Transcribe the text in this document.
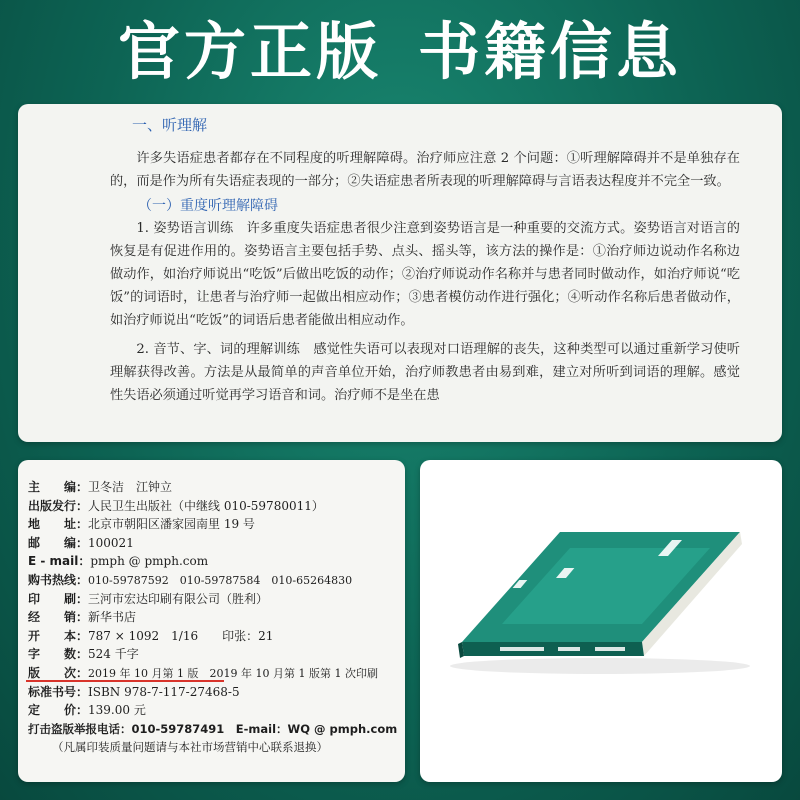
官方正版 书籍信息
一、听理解

许多失语症患者都存在不同程度的听理解障碍。治疗师应注意 2 个问题：①听理解障碍并不是单独存在的，而是作为所有失语症表现的一部分；②失语症患者所表现的听理解障碍与言语表达程度并不完全一致。

（一）重度听理解障碍

1. 姿势语言训练　许多重度失语症患者很少注意到姿势语言是一种重要的交流方式。姿势语言对语言的恢复是有促进作用的。姿势语言主要包括手势、点头、摇头等，该方法的操作是：①治疗师边说动作名称边做动作，如治疗师说出“吃饭”后做出吃饭的动作；②治疗师说动作名称并与患者同时做动作，如治疗师说“吃饭”的词语时，让患者与治疗师一起做出相应动作；③患者模仿动作进行强化；④听动作名称后患者做动作，如治疗师说出“吃饭”的词语后患者能做出相应动作。

2. 音节、字、词的理解训练　感觉性失语可以表现对口语理解的丧失，这种类型可以通过重新学习使听理解获得改善。方法是从最简单的声音单位开始，治疗师教患者由易到难，建立对所听到词语的理解。感觉性失语必须通过听觉再学习语音和词。治疗师不是坐在患

主　　编：卫冬洁　江钟立
出版发行：人民卫生出版社（中继线 010-59780011）
地　　址：北京市朝阳区潘家园南里 19 号
邮　　编：100021
E - mail：pmph @ pmph.com
购书热线：010-59787592　010-59787584　010-65264830
印　　刷：三河市宏达印刷有限公司（胜利）
经　　销：新华书店
开　　本：787 × 1092　1/16　　印张：21
字　　数：524 千字
版　　次：2019 年 10 月第 1 版　2019 年 10 月第 1 版第 1 次印刷
标准书号：ISBN 978-7-117-27468-5
定　　价：139.00 元
打击盗版举报电话：010-59787491　E-mail：WQ @ pmph.com
（凡属印装质量问题请与本社市场营销中心联系退换）
